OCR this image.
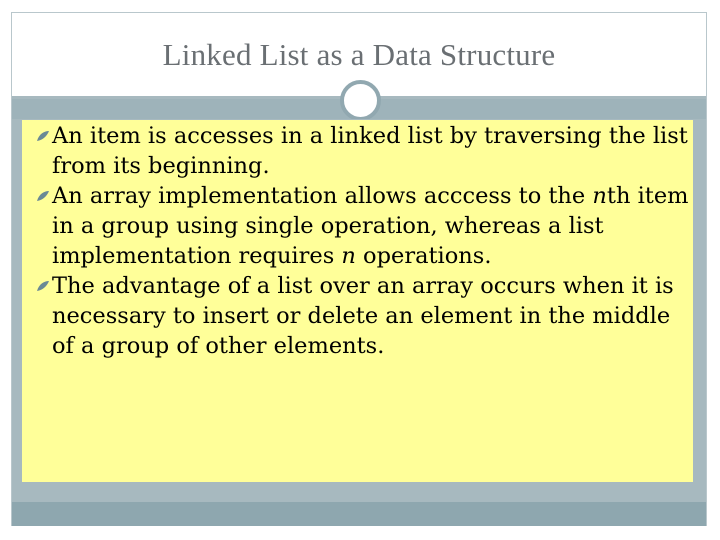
Linked List as a Data Structure
An item is accesses in a linked list by traversing the list from its beginning.
An array implementation allows acccess to the nth item in a group using single operation, whereas a list implementation requires n operations.
The advantage of a list over an array occurs when it is necessary to insert or delete an element in the middle of a group of other elements.
